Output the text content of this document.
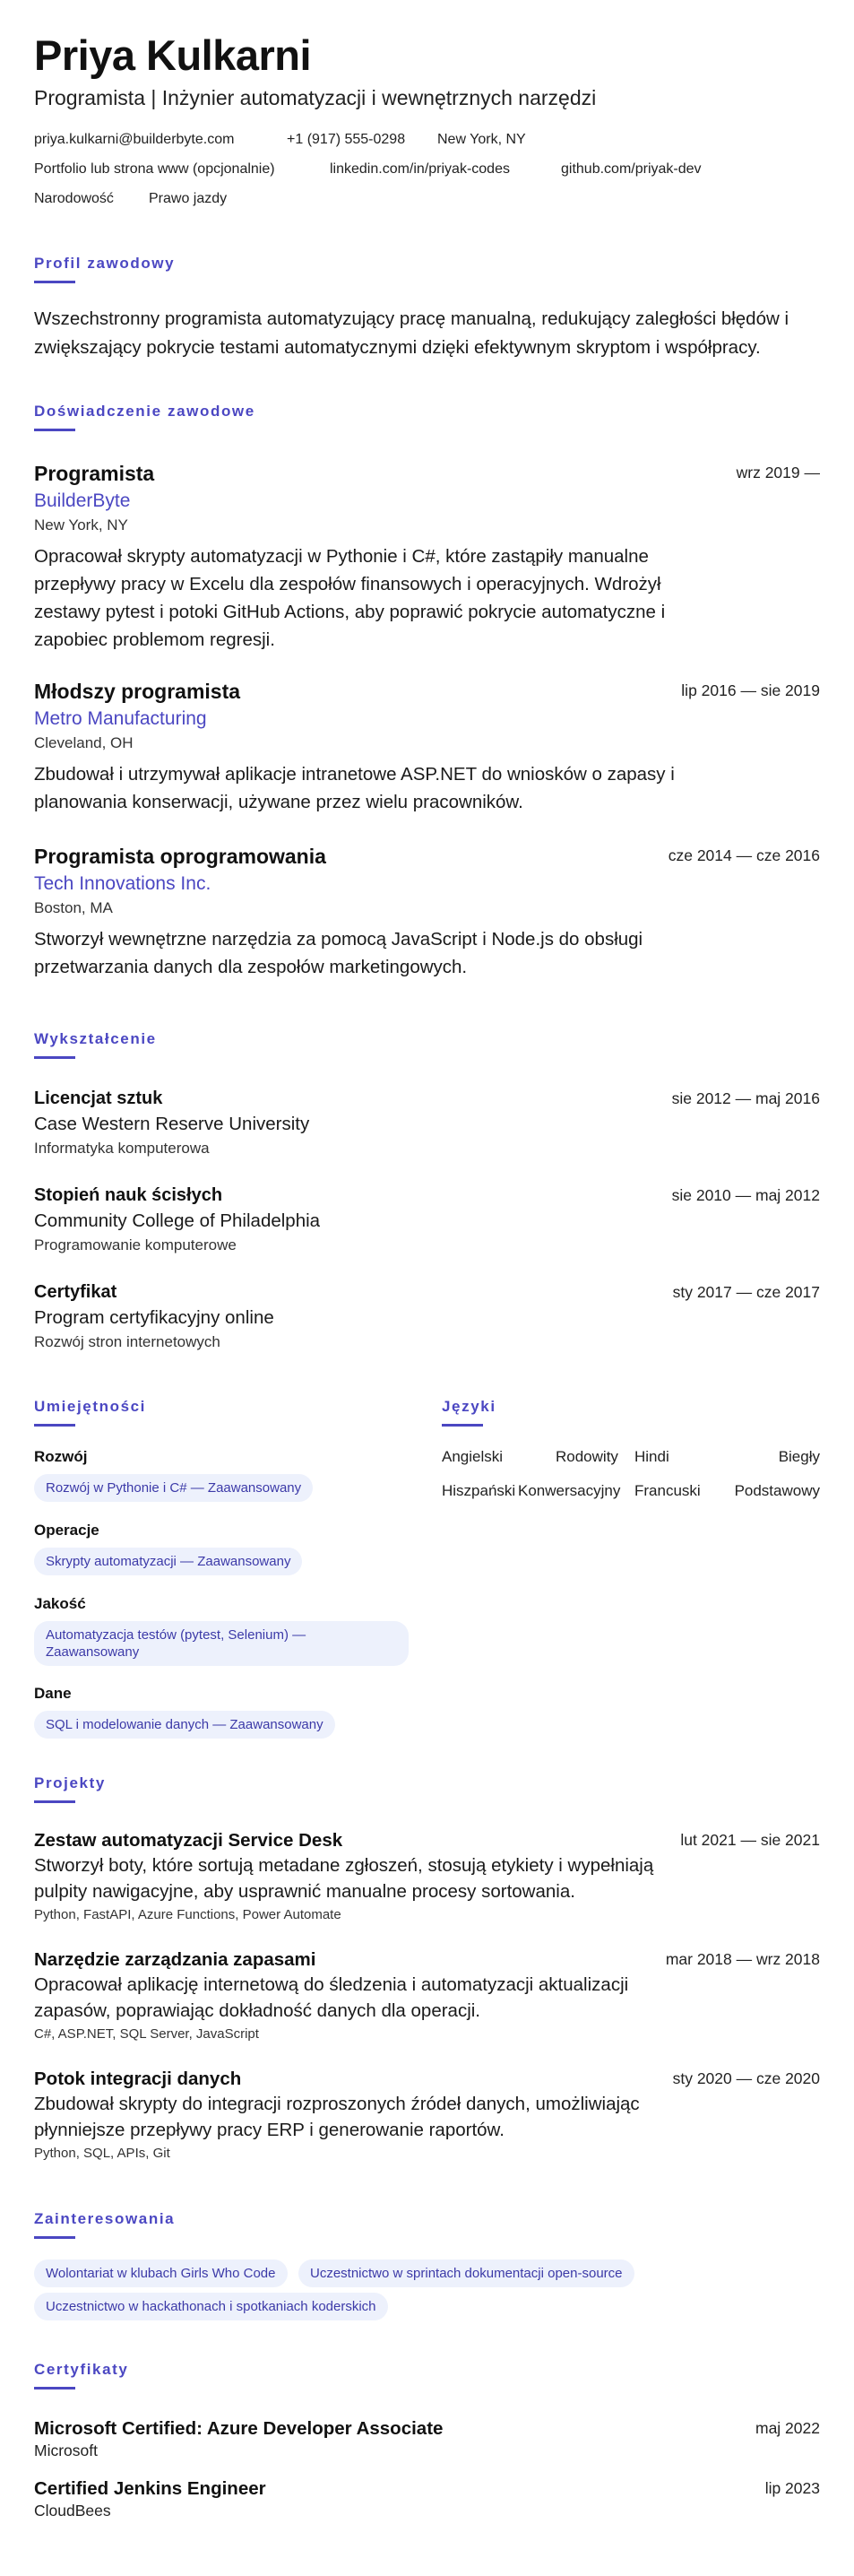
Priya Kulkarni
Programista | Inżynier automatyzacji i wewnętrznych narzędzi
priya.kulkarni@builderbyte.com	+1 (917) 555-0298 New York, NY
Portfolio lub strona www (opcjonalnie)	linkedin.com/in/priyak-codes	github.com/priyak-dev
Narodowość Prawo jazdy
Profil zawodowy
Wszechstronny programista automatyzujący pracę manualną, redukujący zaległości błędów i zwiększający pokrycie testami automatycznymi dzięki efektywnym skryptom i współpracy.
Doświadczenie zawodowe
Programista
BuilderByte
New York, NY
Opracował skrypty automatyzacji w Pythonie i C#, które zastąpiły manualne przepływy pracy w Excelu dla zespołów finansowych i operacyjnych. Wdrożył zestawy pytest i potoki GitHub Actions, aby poprawić pokrycie automatyczne i zapobiec problemom regresji.
wrz 2019 —
Młodszy programista
Metro Manufacturing
Cleveland, OH
Zbudował i utrzymywał aplikacje intranetowe ASP.NET do wniosków o zapasy i planowania konserwacji, używane przez wielu pracowników.
lip 2016 — sie 2019
Programista oprogramowania
Tech Innovations Inc.
Boston, MA
Stworzył wewnętrzne narzędzia za pomocą JavaScript i Node.js do obsługi przetwarzania danych dla zespołów marketingowych.
cze 2014 — cze 2016
Wykształcenie
Licencjat sztuk
Case Western Reserve University
Informatyka komputerowa
sie 2012 — maj 2016
Stopień nauk ścisłych
Community College of Philadelphia
Programowanie komputerowe
sie 2010 — maj 2012
Certyfikat
Program certyfikacyjny online
Rozwój stron internetowych
sty 2017 — cze 2017
Umiejętności
Rozwój
Rozwój w Pythonie i C# — Zaawansowany
Operacje
Skrypty automatyzacji — Zaawansowany
Jakość
Automatyzacja testów (pytest, Selenium) — Zaawansowany
Dane
SQL i modelowanie danych — Zaawansowany
Języki
Angielski	Rodowity Hindi	Biegły
Hiszpański Konwersacyjny Francuski Podstawowy
Projekty
Zestaw automatyzacji Service Desk
Stworzył boty, które sortują metadane zgłoszeń, stosują etykiety i wypełniają pulpity nawigacyjne, aby usprawnić manualne procesy sortowania.
Python, FastAPI, Azure Functions, Power Automate
lut 2021 — sie 2021
Narzędzie zarządzania zapasami
Opracował aplikację internetową do śledzenia i automatyzacji aktualizacji zapasów, poprawiając dokładność danych dla operacji.
C#, ASP.NET, SQL Server, JavaScript
mar 2018 — wrz 2018
Potok integracji danych
Zbudował skrypty do integracji rozproszonych źródeł danych, umożliwiając płynniejsze przepływy pracy ERP i generowanie raportów.
Python, SQL, APIs, Git
sty 2020 — cze 2020
Zainteresowania
Wolontariat w klubach Girls Who Code	Uczestnictwo w sprintach dokumentacji open-source
Uczestnictwo w hackathonach i spotkaniach koderskich
Certyfikaty
Microsoft Certified: Azure Developer Associate
Microsoft
maj 2022
Certified Jenkins Engineer
CloudBees
lip 2023
